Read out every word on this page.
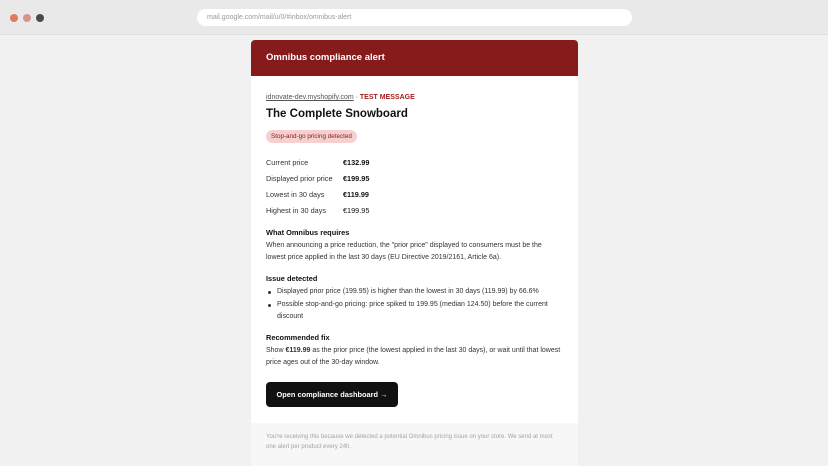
mail.google.com/mail/u/0/#inbox/omnibus-alert
Omnibus compliance alert
idnovate-dev.myshopify.com · TEST MESSAGE
The Complete Snowboard
Stop-and-go pricing detected
Current price	€132.99
Displayed prior price	€199.95
Lowest in 30 days	€119.99
Highest in 30 days	€199.95
What Omnibus requires
When announcing a price reduction, the "prior price" displayed to consumers must be the lowest price applied in the last 30 days (EU Directive 2019/2161, Article 6a).
Issue detected
Displayed prior price (199.95) is higher than the lowest in 30 days (119.99) by 66.6%
Possible stop-and-go pricing: price spiked to 199.95 (median 124.50) before the current discount
Recommended fix
Show €119.99 as the prior price (the lowest applied in the last 30 days), or wait until that lowest price ages out of the 30-day window.
Open compliance dashboard →
You're receiving this because we detected a potential Omnibus pricing issue on your store. We send at most one alert per product every 24h.
